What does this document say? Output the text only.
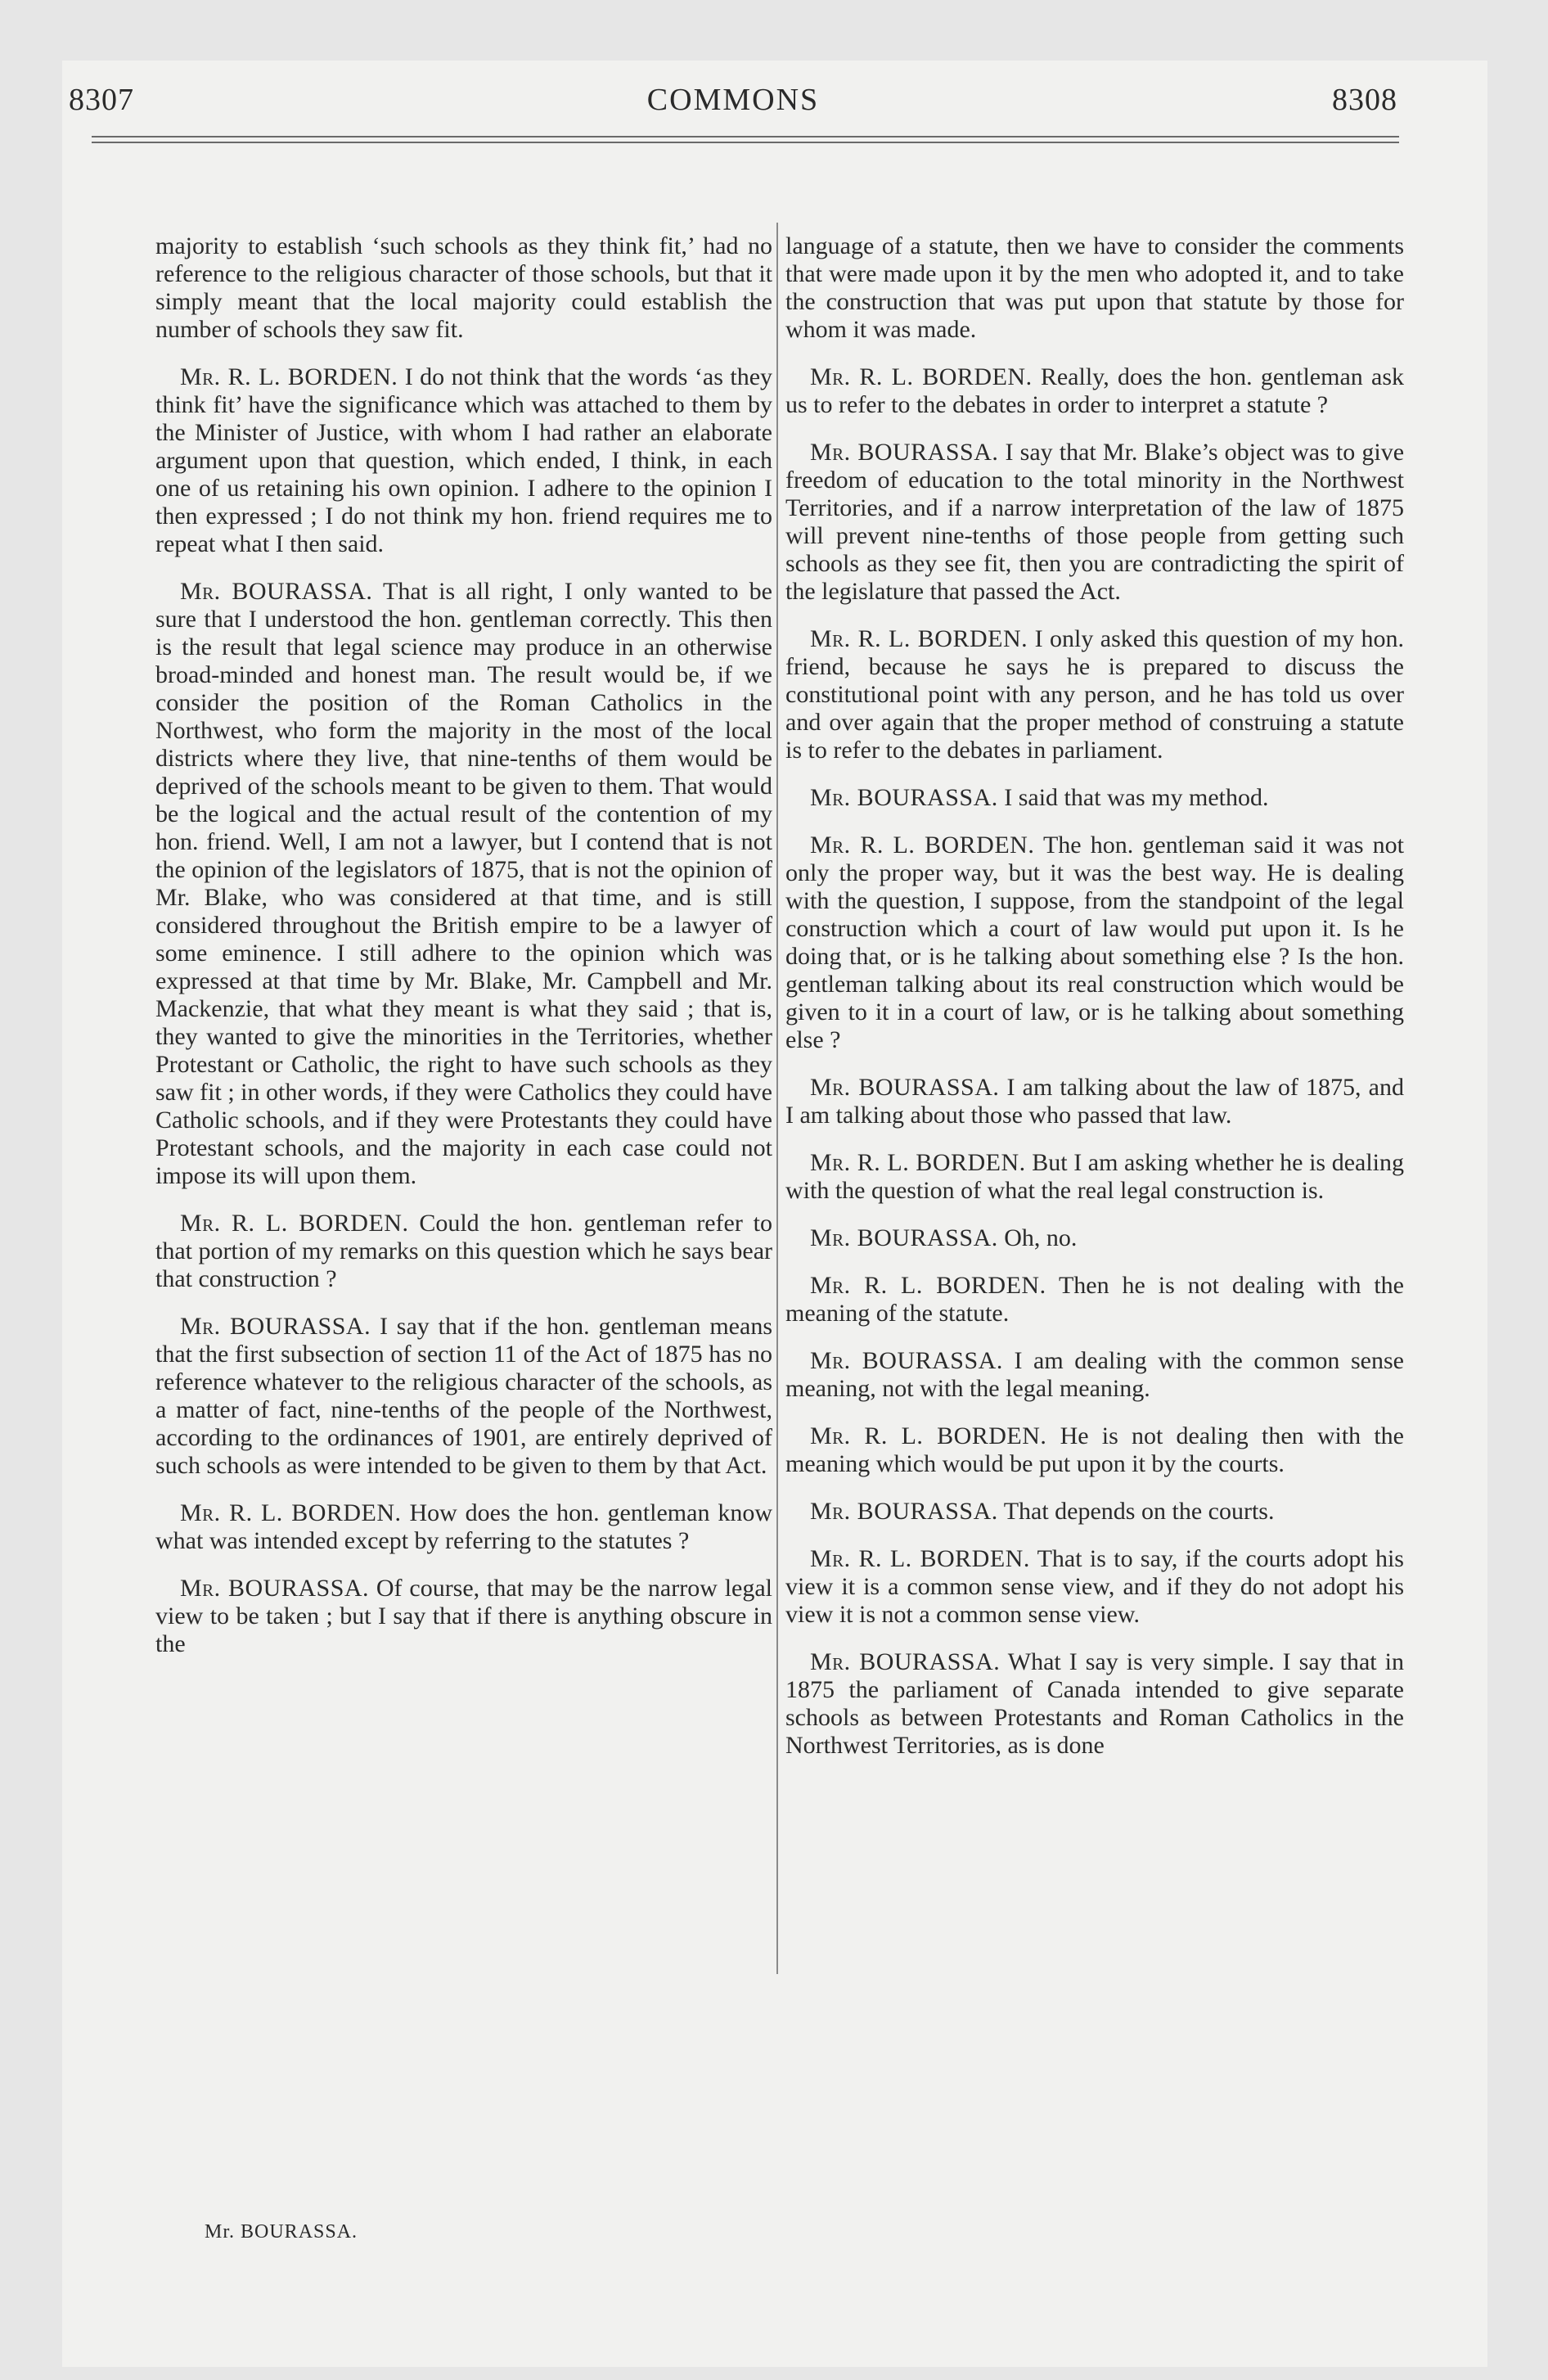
8307	COMMONS	8308

majority to establish ‘such schools as they think fit,’ had no reference to the religious character of those schools, but that it simply meant that the local majority could establish the number of schools they saw fit.

Mr. R. L. BORDEN. I do not think that the words ‘as they think fit’ have the significance which was attached to them by the Minister of Justice, with whom I had rather an elaborate argument upon that question, which ended, I think, in each one of us retaining his own opinion. I adhere to the opinion I then expressed ; I do not think my hon. friend requires me to repeat what I then said.

Mr. BOURASSA. That is all right, I only wanted to be sure that I understood the hon. gentleman correctly. This then is the result that legal science may produce in an otherwise broad-minded and honest man. The result would be, if we consider the position of the Roman Catholics in the Northwest, who form the majority in the most of the local districts where they live, that nine-tenths of them would be deprived of the schools meant to be given to them. That would be the logical and the actual result of the contention of my hon. friend. Well, I am not a lawyer, but I contend that is not the opinion of the legislators of 1875, that is not the opinion of Mr. Blake, who was considered at that time, and is still considered throughout the British empire to be a lawyer of some eminence. I still adhere to the opinion which was expressed at that time by Mr. Blake, Mr. Campbell and Mr. Mackenzie, that what they meant is what they said ; that is, they wanted to give the minorities in the Territories, whether Protestant or Catholic, the right to have such schools as they saw fit ; in other words, if they were Catholics they could have Catholic schools, and if they were Protestants they could have Protestant schools, and the majority in each case could not impose its will upon them.

Mr. R. L. BORDEN. Could the hon. gentleman refer to that portion of my remarks on this question which he says bear that construction ?

Mr. BOURASSA. I say that if the hon. gentleman means that the first subsection of section 11 of the Act of 1875 has no reference whatever to the religious character of the schools, as a matter of fact, nine-tenths of the people of the Northwest, according to the ordinances of 1901, are entirely deprived of such schools as were intended to be given to them by that Act.

Mr. R. L. BORDEN. How does the hon. gentleman know what was intended except by referring to the statutes ?

Mr. BOURASSA. Of course, that may be the narrow legal view to be taken ; but I say that if there is anything obscure in the

language of a statute, then we have to consider the comments that were made upon it by the men who adopted it, and to take the construction that was put upon that statute by those for whom it was made.

Mr. R. L. BORDEN. Really, does the hon. gentleman ask us to refer to the debates in order to interpret a statute ?

Mr. BOURASSA. I say that Mr. Blake’s object was to give freedom of education to the total minority in the Northwest Territories, and if a narrow interpretation of the law of 1875 will prevent nine-tenths of those people from getting such schools as they see fit, then you are contradicting the spirit of the legislature that passed the Act.

Mr. R. L. BORDEN. I only asked this question of my hon. friend, because he says he is prepared to discuss the constitutional point with any person, and he has told us over and over again that the proper method of construing a statute is to refer to the debates in parliament.

Mr. BOURASSA. I said that was my method.

Mr. R. L. BORDEN. The hon. gentleman said it was not only the proper way, but it was the best way. He is dealing with the question, I suppose, from the standpoint of the legal construction which a court of law would put upon it. Is he doing that, or is he talking about something else ? Is the hon. gentleman talking about its real construction which would be given to it in a court of law, or is he talking about something else ?

Mr. BOURASSA. I am talking about the law of 1875, and I am talking about those who passed that law.

Mr. R. L. BORDEN. But I am asking whether he is dealing with the question of what the real legal construction is.

Mr. BOURASSA. Oh, no.

Mr. R. L. BORDEN. Then he is not dealing with the meaning of the statute.

Mr. BOURASSA. I am dealing with the common sense meaning, not with the legal meaning.

Mr. R. L. BORDEN. He is not dealing then with the meaning which would be put upon it by the courts.

Mr. BOURASSA. That depends on the courts.

Mr. R. L. BORDEN. That is to say, if the courts adopt his view it is a common sense view, and if they do not adopt his view it is not a common sense view.

Mr. BOURASSA. What I say is very simple. I say that in 1875 the parliament of Canada intended to give separate schools as between Protestants and Roman Catholics in the Northwest Territories, as is done

Mr. BOURASSA.
